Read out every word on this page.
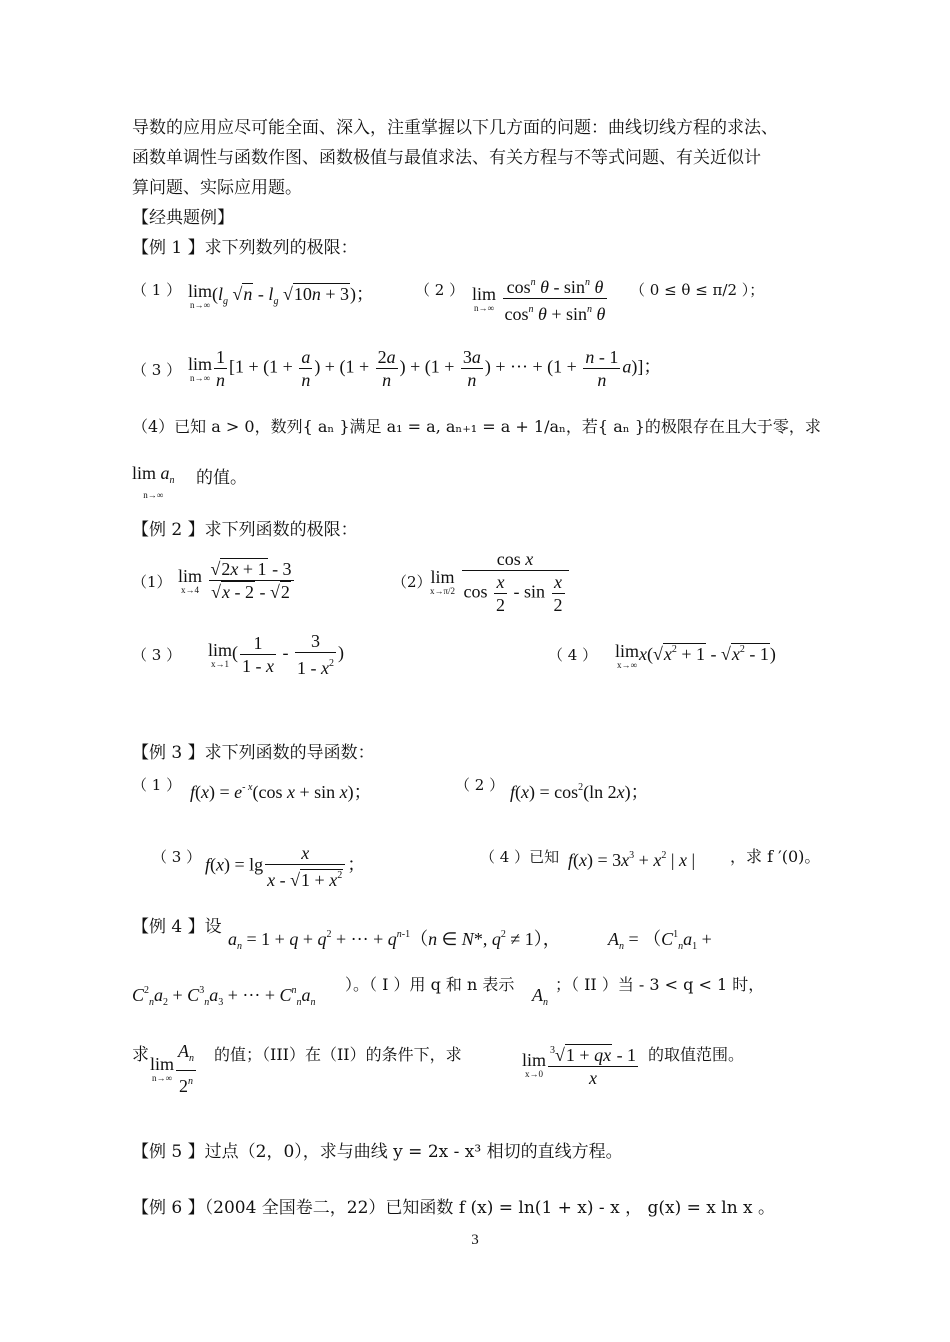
导数的应用应尽可能全面、深入，注重掌握以下几方面的问题：曲线切线方程的求法、
函数单调性与函数作图、函数极值与最值求法、有关方程与不等式问题、有关近似计
算问题、实际应用题。
【经典题例】
【例 1 】求下列数列的极限：
（ 1 ） lim
n→∞
($l_g$ $√n - l_g$ √10n + 3)；	（ 2 ） lim
n→∞
$\frac{\cos^n \theta - \sin^n \theta}{\cos^n \theta + \sin^n \theta}$ （ 0 ≤ θ ≤ π/2 ）；
（ 3 ） lim
$n\to\infty \frac{1}{n} [1 + (1 + \frac{a}{n}$ ) + ($1 + \frac{2a}{n}$ ) + ($1 + \frac{3a}{n}$ ) + ··· + $(1 + \frac{n - 1}{n} a)$]；
（4）已知 a > 0，数列{ aₙ }满足 a₁ = a, aₙ₊₁ = a + 1/aₙ，若{ aₙ }的极限存在且大于零，求
$\lim a_n$
n→∞
的值。
【例 2 】求下列函数的极限：
（1） lim
x→4
$\frac{√2x + 1 - 3}{√x - 2 - √2}$	（2）
lim
x→π/2
$\frac{\text{cos x}}{\cos \frac{x}{2} - \sin \frac{x}{2}}$
（ 3 ） lim
x→1
( $\frac{1}{1 - x} - \frac{3}{1 - x^2}$ )	（ 4 ） lim
x→∞
$x(√x^2 + 1 - √x^2 - 1)$
【例 3 】求下列函数的导函数：
（ 1 ） $f(x) = e^{- x}(\cos$ x + sin x)；	（ 2 ） $f(x) = \cos^2(\ln$ 2x)；
（ 3 ） $f(x) = \lg \frac{x}{x - √1 + x^2}$ ；	（ 4 ）已知 $f(x) = 3x^3 + x^2$ | x | ，求 f ′(0)。
【例 4 】设
$a_n = 1 + q + q^2$ + ··· + $q^{n-1}(n$ ∈ N*, $q^2 \ne 1$），	$A_n = (C^1_na_1$ +
$C^2_na_2 + C^3_na_3$ + ··· + $C^n_na_n$
）。（ I ）用 q 和 n 表示
$A_n$
；（ II ）当 - 3 < q < 1 时，
求 lim
$n\to\infty \frac{A_n}{2^n}$ 的值；（III）在（II）的条件下，求	lim
$x\to 0 \frac{^3√1 + qx - 1}{x}$ 的取值范围。
【例 5 】过点（2，0），求与曲线 y = 2x - x³ 相切的直线方程。
【例 6 】（2004 全国卷二，22）已知函数 f (x) = ln(1 + x) - x ， g(x) = x ln x 。
3
